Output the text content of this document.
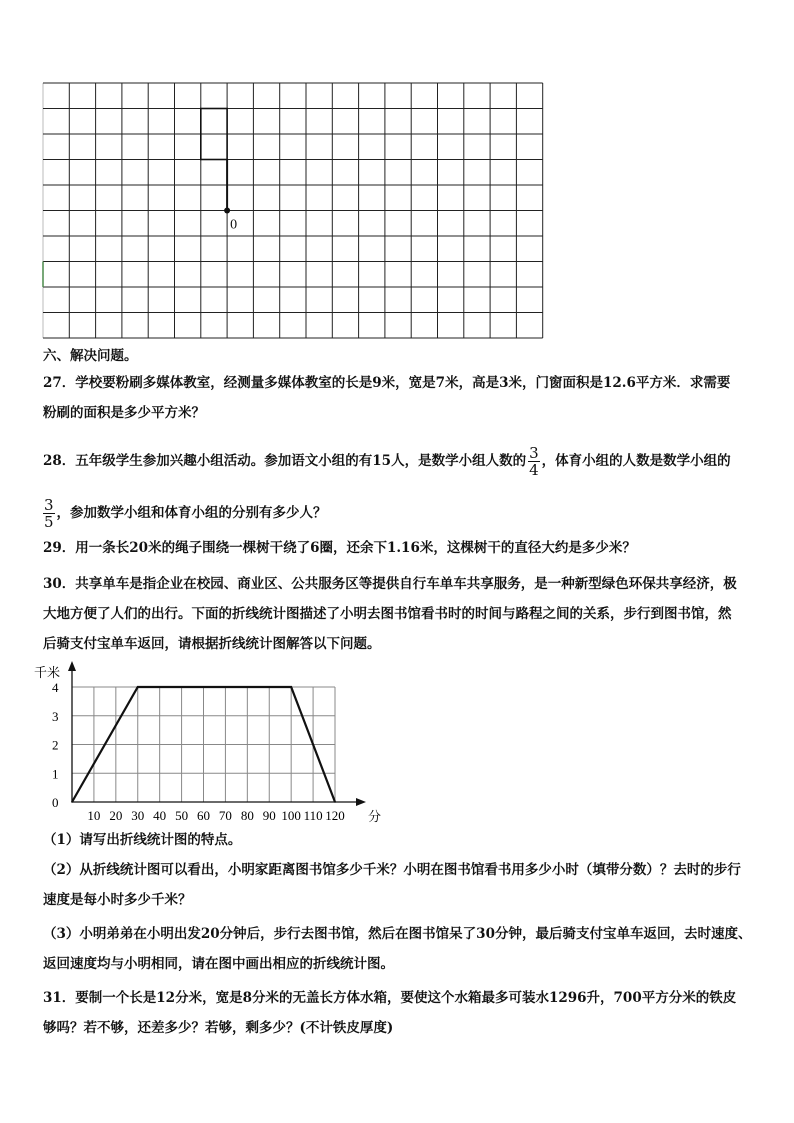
0
六、解决问题。
27．学校要粉刷多媒体教室，经测量多媒体教室的长是9米，宽是7米，高是3米，门窗面积是12.6平方米．求需要
粉刷的面积是多少平方米？
28．五年级学生参加兴趣小组活动。参加语文小组的有15人，是数学小组人数的 $\frac{3}{4}$ ，体育小组的人数是数学小组的
$\frac{3}{5}$ ，参加数学小组和体育小组的分别有多少人？
29．用一条长20米的绳子围绕一棵树干绕了6圈，还余下1.16米，这棵树干的直径大约是多少米？
30．共享单车是指企业在校园、商业区、公共服务区等提供自行车单车共享服务，是一种新型绿色环保共享经济，极
大地方便了人们的出行。下面的折线统计图描述了小明去图书馆看书时的时间与路程之间的关系，步行到图书馆，然
后骑支付宝单车返回，请根据折线统计图解答以下问题。
千米
分
0
1
2
3
4
10 20 30 40 50 60 70 80 90 100 110 120
（1）请写出折线统计图的特点。
（2）从折线统计图可以看出，小明家距离图书馆多少千米？小明在图书馆看书用多少小时（填带分数）？去时的步行
速度是每小时多少千米？
（3）小明弟弟在小明出发20分钟后，步行去图书馆，然后在图书馆呆了30分钟，最后骑支付宝单车返回，去时速度、
返回速度均与小明相同，请在图中画出相应的折线统计图。
31．要制一个长是12分米，宽是8分米的无盖长方体水箱，要使这个水箱最多可装水1296升，700平方分米的铁皮
够吗？若不够，还差多少？若够，剩多少？(不计铁皮厚度)
